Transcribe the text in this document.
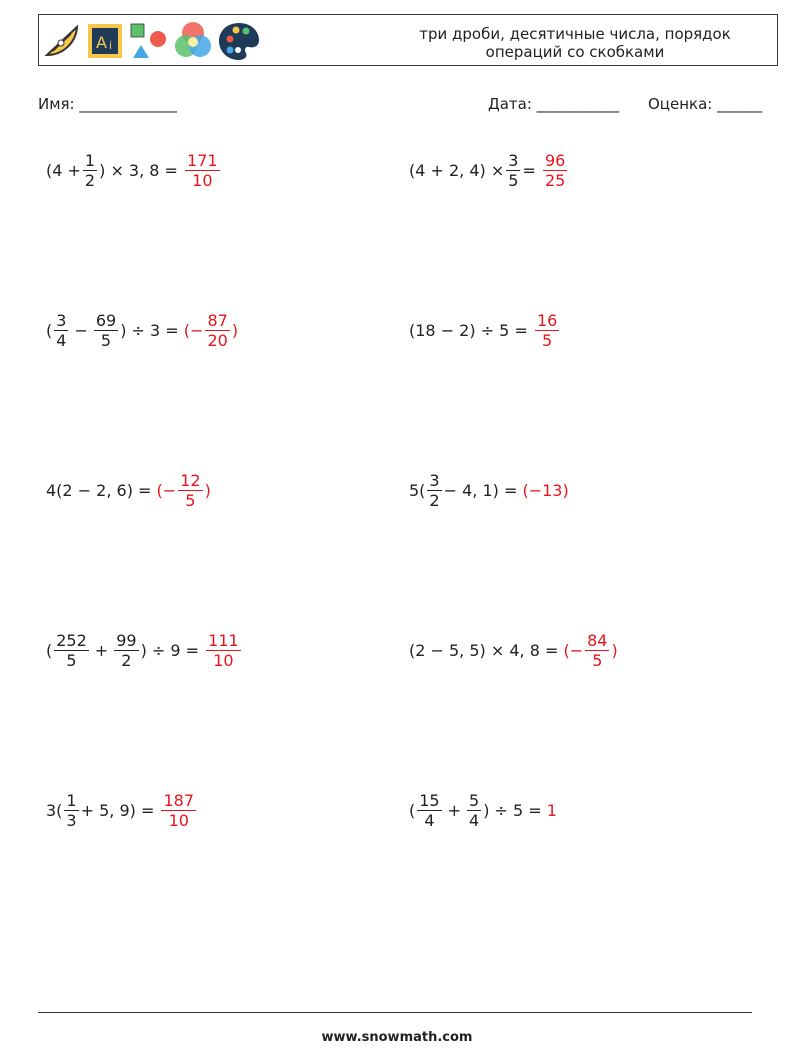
A i
три дроби, десятичные числа, порядок
операций со скобками
Имя: _____________	Дата: ___________ Оценка: ______
($4 + \frac{1}{2}$ ) × 3, 8 =
$\frac{171}{10}$	(4 + 2, $4) \times \frac{3}{5}$ =
$\frac{96}{25}$
( $\frac{3}{4} - \frac{69}{5}$ ) ÷ 3 =
(− $\frac{87}{20}$ )	(18 − 2) ÷ 5 =
$\frac{16}{5}$
4(2 − 2, 6) =
(− $\frac{12}{5}$ )	$5( \frac{3}{2} - 4$, 1) =
(−13)
( $\frac{252}{5} + \frac{99}{2}$ ) ÷ 9 =
$\frac{111}{10}$	(2 − 5, 5) × 4, 8 =
(− $\frac{84}{5}$ )
$3( \frac{1}{3} + 5$, 9) =
$\frac{187}{10}$	( $\frac{15}{4} + \frac{5}{4}$ ) ÷ 5 =
1
www.snowmath.com
